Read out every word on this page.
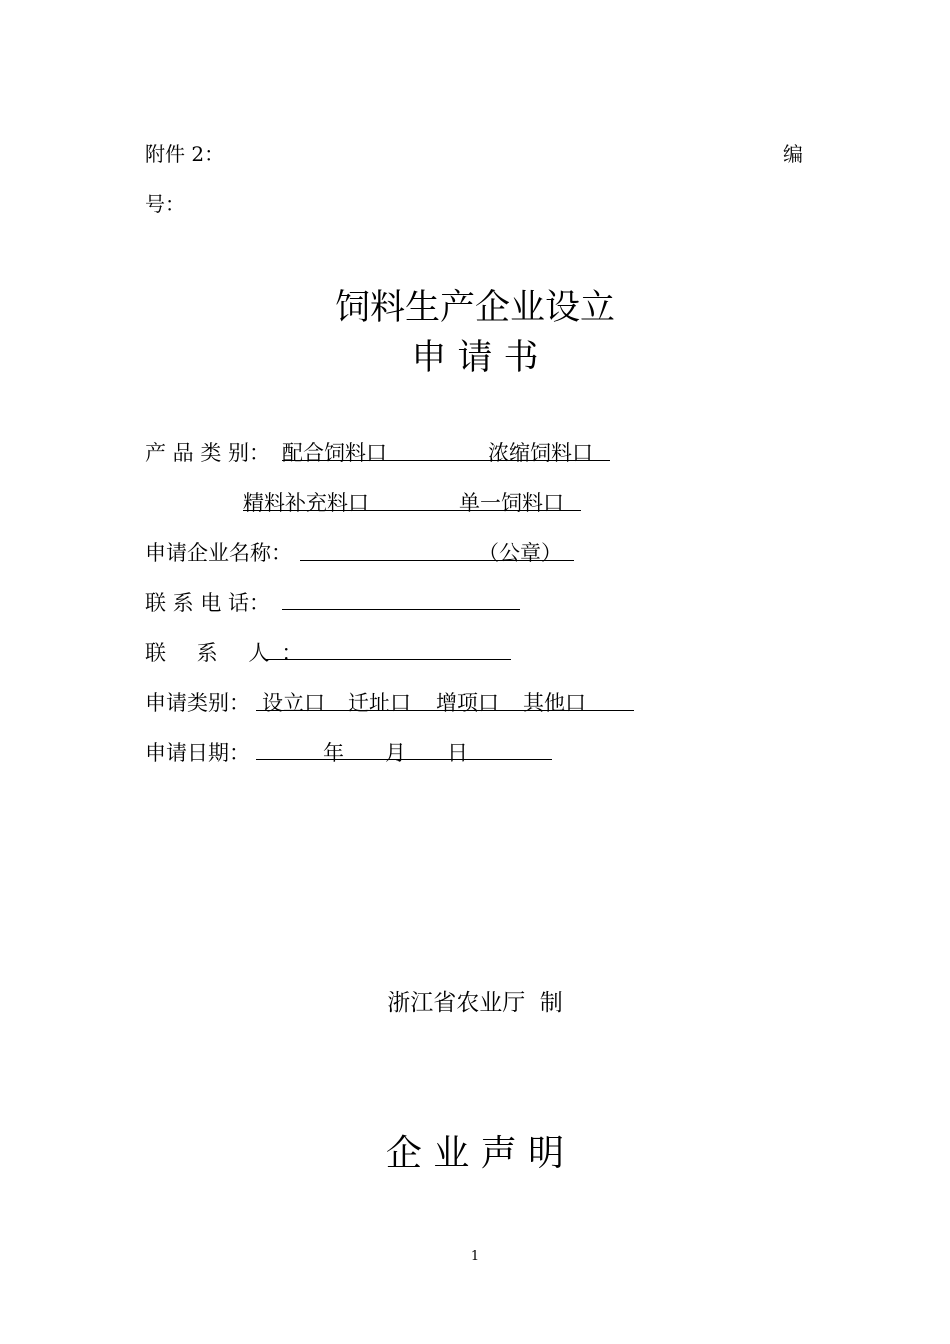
附件 2：	编
号：
饲料生产企业设立
申 请 书
产 品 类 别： 配合饲料口	浓缩饲料口
精料补充料口	单一饲料口
申请企业名称：	（公章）
联 系 电 话：
联 系 人：
申请类别： 设立口 迁址口 增项口 其他口
申请日期：	年 月 日
浙江省农业厅  制
企 业 声 明
1
